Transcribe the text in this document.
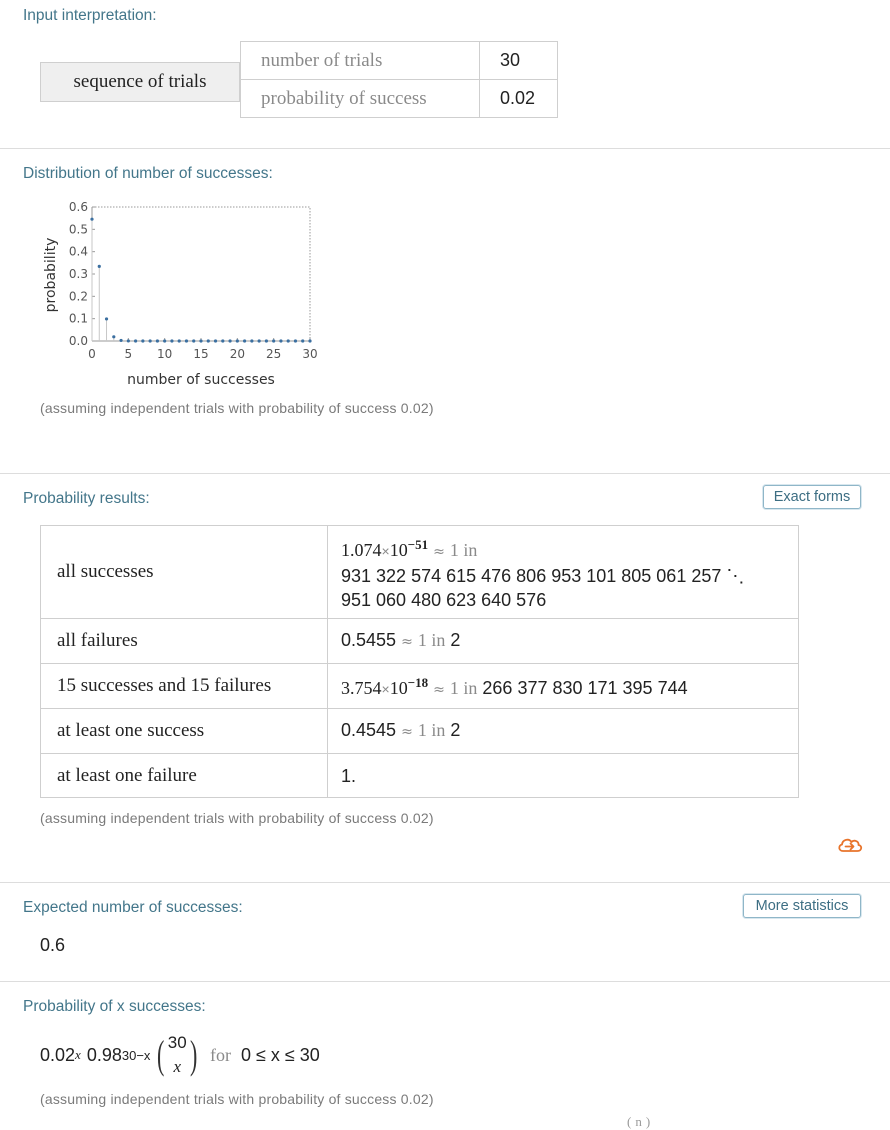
Input interpretation:
sequence of trials
number of trials	30
probability of success	0.02
Distribution of number of successes:
0.0
0.1
0.2
0.3
0.4
0.5
0.6
0 5 10 15 20 25 30
number of successes
probability
(assuming independent trials with probability of success 0.02)
Probability results:	Exact forms
all successes	$1.074\times 10^{-51} \approx 1$ in
931 322 574 615 476 806 953 101 805 061 257 ⋱
951 060 480 623 640 576

all failures	0.5455 ≈ 1 in 2
15 successes and 15 failures	$3.754\times 10^{-18} \approx 1$ in 266 377 830 171 395 744
at least one success	0.4545 ≈ 1 in 2
at least one failure	1.
(assuming independent trials with probability of success 0.02)
Expected number of successes:	More statistics
0.6
Probability of x successes:
0.02 x 0.98 30−x ( 30
x ) for 0 ≤ x ≤ 30
(assuming independent trials with probability of success 0.02)
(n)
